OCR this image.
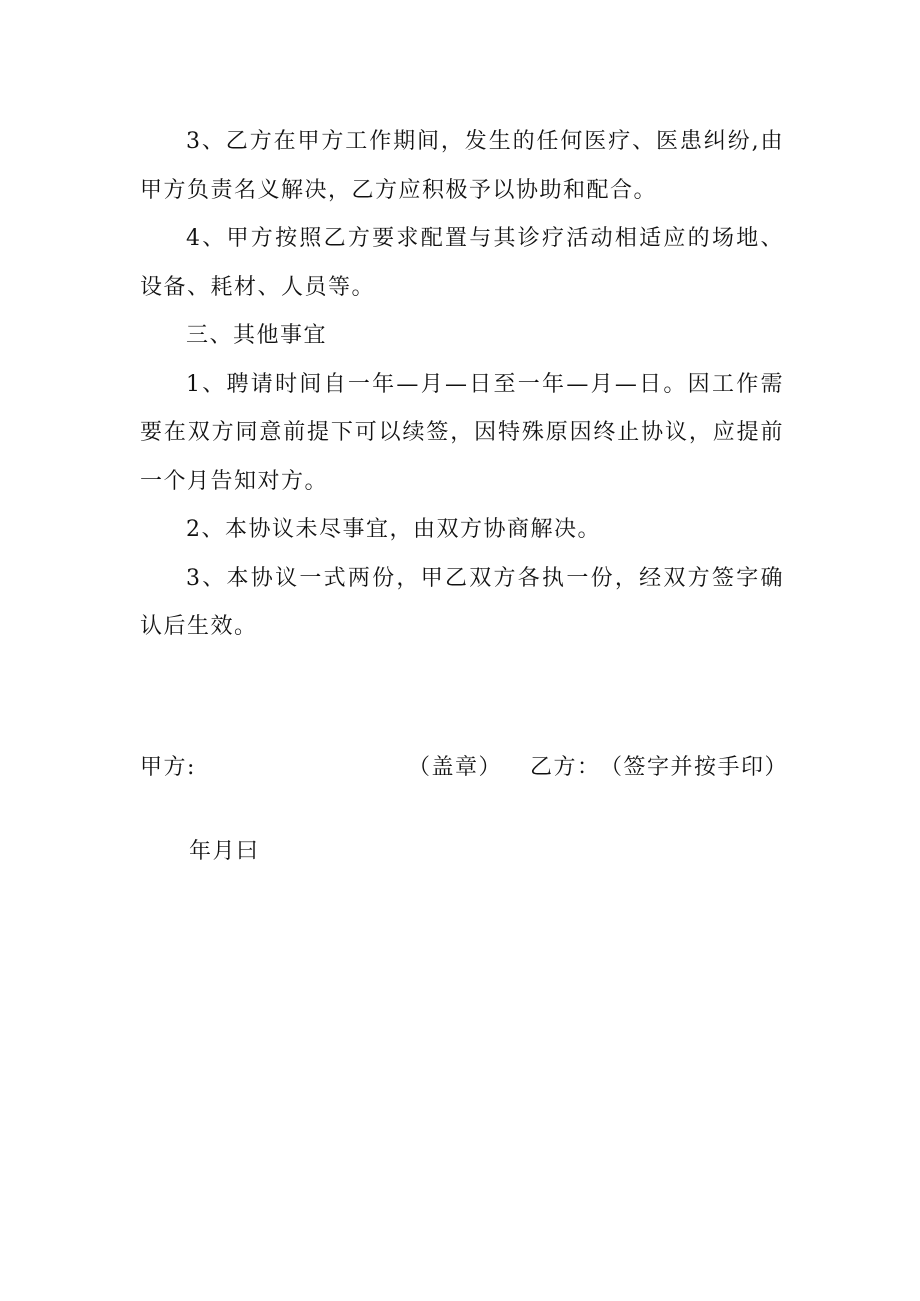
3、乙方在甲方工作期间，发生的任何医疗、医患纠纷,由甲方负责名义解决，乙方应积极予以协助和配合。

4、甲方按照乙方要求配置与其诊疗活动相适应的场地、设备、耗材、人员等。

三、其他事宜

1、聘请时间自一年—月—日至一年—月—日。因工作需要在双方同意前提下可以续签，因特殊原因终止协议，应提前一个月告知对方。

2、本协议未尽事宜，由双方协商解决。

3、本协议一式两份，甲乙双方各执一份，经双方签字确认后生效。

甲方:	（盖章） 乙方： （签字并按手印）
年月曰
